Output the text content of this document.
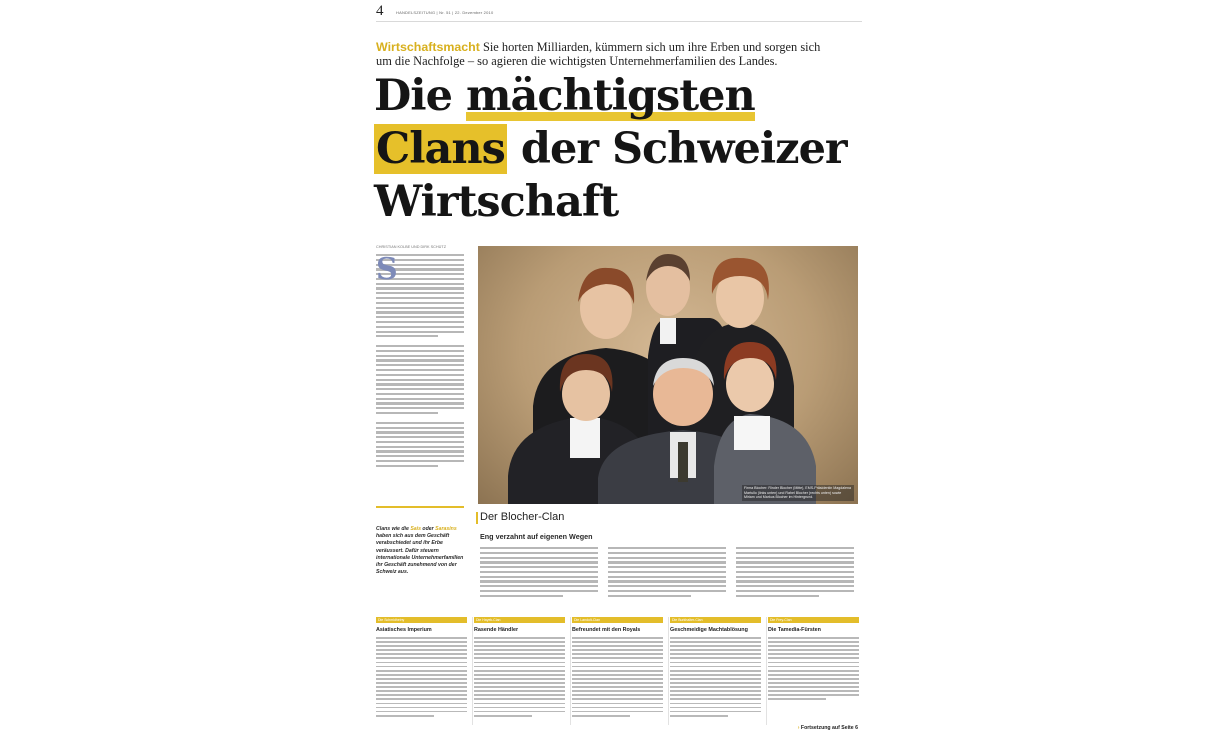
4	HANDELSZEITUNG | Nr. 51 | 22. Dezember 2010
Wirtschaftsmacht Sie horten Milliarden, kümmern sich um ihre Erben und sorgen sich um die Nachfolge – so agieren die wichtigsten Unternehmerfamilien des Landes.
Die mächtigsten
Clans der Schweizer
Wirtschaft
CHRISTIAN KOLBE UND DIRK SCHÜTZ
S
Clans wie die Sais oder Sarasins haben sich aus dem Geschäft verabschiedet und ihr Erbe veräussert. Dafür steuern internationale Unternehmerfamilien ihr Geschäft zunehmend von der Schweiz aus.
Firma Blocher: Rinder Blocher (Mitte), EMS-Präsidentin Magdalena Martullo (links unten) und Rahel Blocher (rechts unten) sowie Miriam und Markus Blocher im Hintergrund.
Der Blocher-Clan
Eng verzahnt auf eigenen Wegen
Die Schmidheiny
Asiatisches Imperium
Die Hayek-Clan
Rasende Händler
Die Landolt-Clan
Befreundet mit den Royals
Die Burkhalter-Clan
Geschmeidige Machtablösung
Die Frey-Clan
Die Tamedia-Fürsten
› Fortsetzung auf Seite 6
